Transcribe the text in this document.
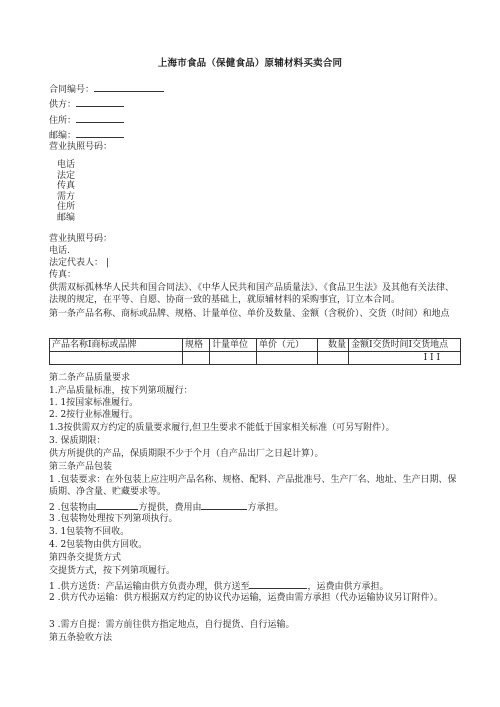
上海市食品（保健食品）原辅材料买卖合同
合同编号：
供方：
住所：
邮编：
营业执照号码：
电话
法定
传真
需方
住所
邮编
营业执照号码：
电话.
法定代表人： |
传真：
供需双标孤林华人民共和国合同法》、《中华人民共和国产品质量法》、《食品卫生法》及其他有关法律、法规的规定，在平等、自愿、协商一致的基础上，就原辅材料的采购事宜，订立本合同。
第一条产品名称、商标或品牌、规格、计量单位、单价及数量、金额（含税价）、交货（时间）和地点
产品名称I商标或品牌	规格	计量单位	单价（元）	数量	金额I交货时间I交货地点
					I I I
第二条产品质量要求
1.产品质量标准，按下列第项履行：
1. 1按国家标准履行。
2. 2按行业标准履行。
1.3按供需双方约定的质量要求履行,但卫生要求不能低于国家相关标准（可另写附件）。
3. 保质期限：
供方所提供的产品，保质期限不少于个月（自产品出厂之日起计算）。
第三条产品包装
1 .包装要求：在外包装上应注明产品名称、规格、配料、产品批准号、生产厂名、地址、生产日期、保质期、净含量、贮藏要求等。
2 .包装物由	方提供，费用由	方承担。
3 .包装物处理按下列第项执行。
3. 1包装物不回收。
4. 2包装物由供方回收。
第四条交提货方式
交提货方式，按下列第项履行。
1 .供方送货：产品运输由供方负责办理，供方送至	，运费由供方承担。
2 .供方代办运输：供方根据双方约定的协议代办运输，运费由需方承担（代办运输协议另订附件）。
3 .需方自提：需方前往供方指定地点，自行提货、自行运输。
第五条验收方法
